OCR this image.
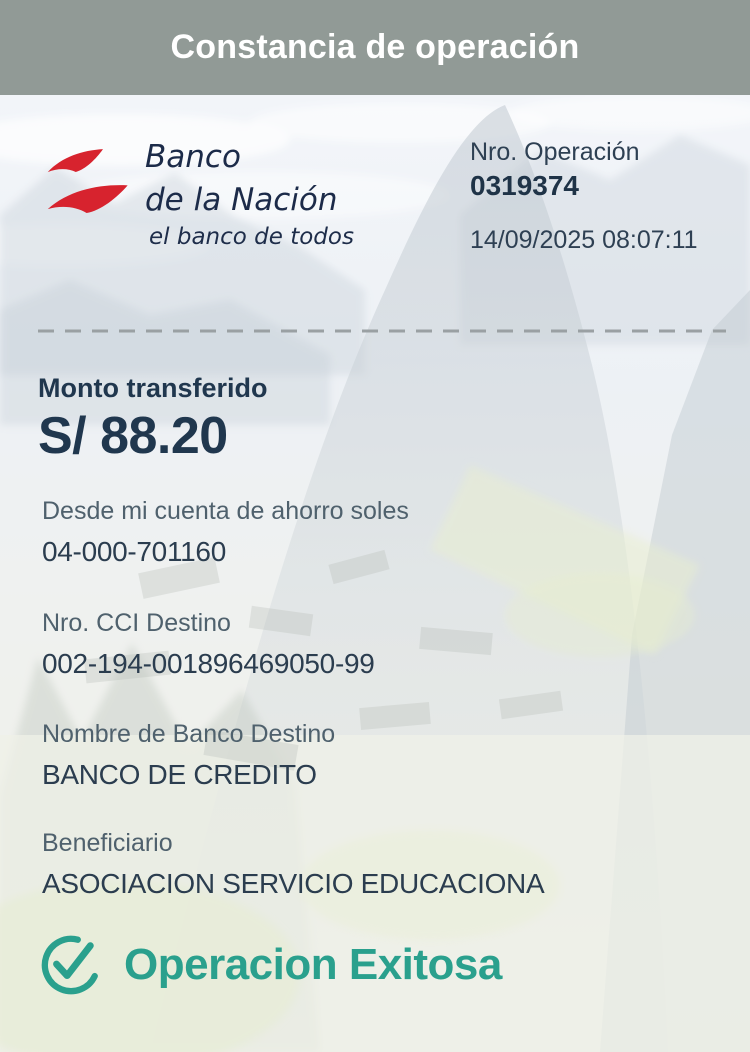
Constancia de operación
Banco
de la Nación
el banco de todos
Nro. Operación
0319374
14/09/2025 08:07:11
Monto transferido
S/ 88.20
Desde mi cuenta de ahorro soles
04-000-701160
Nro. CCI Destino
002-194-001896469050-99
Nombre de Banco Destino
BANCO DE CREDITO
Beneficiario
ASOCIACION SERVICIO EDUCACIONA
Operacion Exitosa
